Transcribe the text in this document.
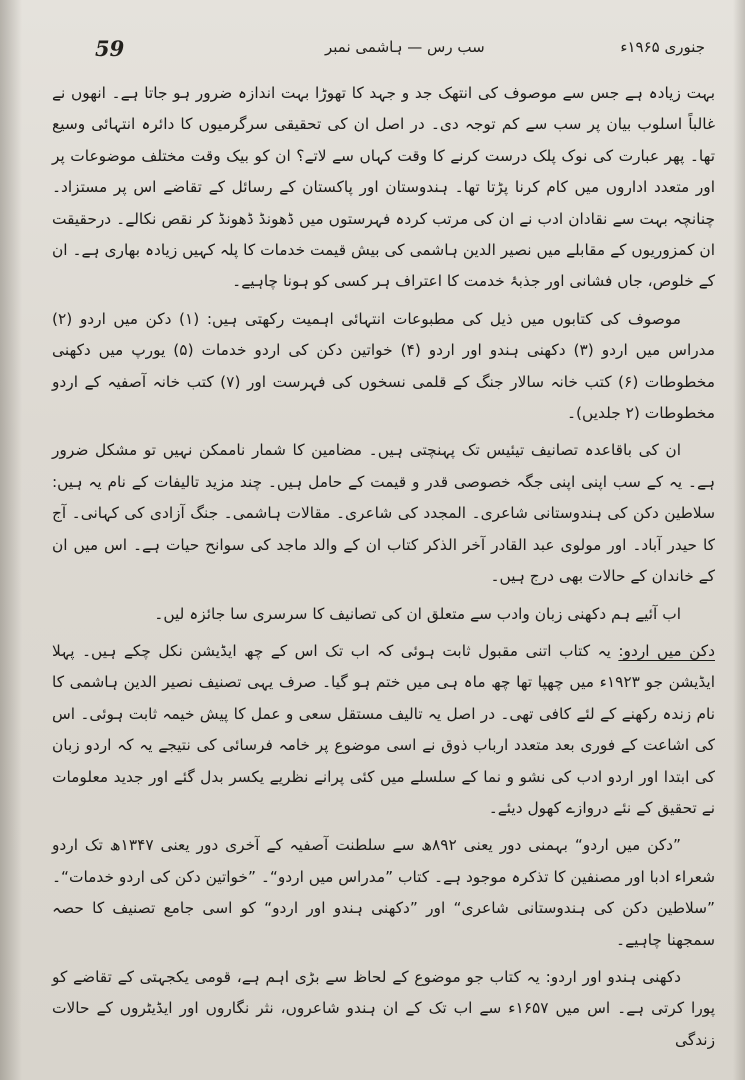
59	سب رس — ہاشمی نمبر	جنوری ۱۹۶۵ء

بہت زیادہ ہے جس سے موصوف کی انتھک جد و جہد کا تھوڑا بہت اندازہ ضرور ہو جاتا ہے۔ انھوں نے غالباً اسلوب بیان پر سب سے کم توجہ دی۔ در اصل ان کی تحقیقی سرگرمیوں کا دائرہ انتہائی وسیع تھا۔ پھر عبارت کی نوک پلک درست کرنے کا وقت کہاں سے لاتے؟ ان کو بیک وقت مختلف موضوعات پر اور متعدد اداروں میں کام کرنا پڑتا تھا۔ ہندوستان اور پاکستان کے رسائل کے تقاضے اس پر مستزاد۔ چنانچہ بہت سے نقادان ادب نے ان کی مرتب کردہ فہرستوں میں ڈھونڈ ڈھونڈ کر نقص نکالے۔ درحقیقت ان کمزوریوں کے مقابلے میں نصیر الدین ہاشمی کی بیش قیمت خدمات کا پلہ کہیں زیادہ بھاری ہے۔ ان کے خلوص، جاں فشانی اور جذبۂ خدمت کا اعتراف ہر کسی کو ہونا چاہیے۔

موصوف کی کتابوں میں ذیل کی مطبوعات انتہائی اہمیت رکھتی ہیں: (۱) دکن میں اردو (۲) مدراس میں اردو (۳) دکھنی ہندو اور اردو (۴) خواتین دکن کی اردو خدمات (۵) یورپ میں دکھنی مخطوطات (۶) کتب خانہ سالار جنگ کے قلمی نسخوں کی فہرست اور (۷) کتب خانہ آصفیہ کے اردو مخطوطات (۲ جلدیں)۔

ان کی باقاعدہ تصانیف تیئیس تک پہنچتی ہیں۔ مضامین کا شمار ناممکن نہیں تو مشکل ضرور ہے۔ یہ کے سب اپنی اپنی جگہ خصوصی قدر و قیمت کے حامل ہیں۔ چند مزید تالیفات کے نام یہ ہیں: سلاطین دکن کی ہندوستانی شاعری۔ المجدد کی شاعری۔ مقالات ہاشمی۔ جنگ آزادی کی کہانی۔ آج کا حیدر آباد۔ اور مولوی عبد القادر آخر الذکر کتاب ان کے والد ماجد کی سوانح حیات ہے۔ اس میں ان کے خاندان کے حالات بھی درج ہیں۔

اب آئیے ہم دکھنی زبان وادب سے متعلق ان کی تصانیف کا سرسری سا جائزہ لیں۔

دکن میں اردو: یہ کتاب اتنی مقبول ثابت ہوئی کہ اب تک اس کے چھ ایڈیشن نکل چکے ہیں۔ پہلا ایڈیشن جو ۱۹۲۳ء میں چھپا تھا چھ ماہ ہی میں ختم ہو گیا۔ صرف یہی تصنیف نصیر الدین ہاشمی کا نام زندہ رکھنے کے لئے کافی تھی۔ در اصل یہ تالیف مستقل سعی و عمل کا پیش خیمہ ثابت ہوئی۔ اس کی اشاعت کے فوری بعد متعدد ارباب ذوق نے اسی موضوع پر خامہ فرسائی کی نتیجے یہ کہ اردو زبان کی ابتدا اور اردو ادب کی نشو و نما کے سلسلے میں کئی پرانے نظریے یکسر بدل گئے اور جدید معلومات نے تحقیق کے نئے دروازے کھول دیئے۔

”دکن میں اردو“ بہمنی دور یعنی ۸۹۲ھ سے سلطنت آصفیہ کے آخری دور یعنی ۱۳۴۷ھ تک اردو شعراء ادبا اور مصنفین کا تذکرہ موجود ہے۔ کتاب ”مدراس میں اردو“۔ ”خواتین دکن کی اردو خدمات“۔ ”سلاطین دکن کی ہندوستانی شاعری“ اور ”دکھنی ہندو اور اردو“ کو اسی جامع تصنیف کا حصہ سمجھنا چاہیے۔

دکھنی ہندو اور اردو: یہ کتاب جو موضوع کے لحاظ سے بڑی اہم ہے، قومی یکجہتی کے تقاضے کو پورا کرتی ہے۔ اس میں ۱۶۵۷ء سے اب تک کے ان ہندو شاعروں، نثر نگاروں اور ایڈیٹروں کے حالات زندگی
